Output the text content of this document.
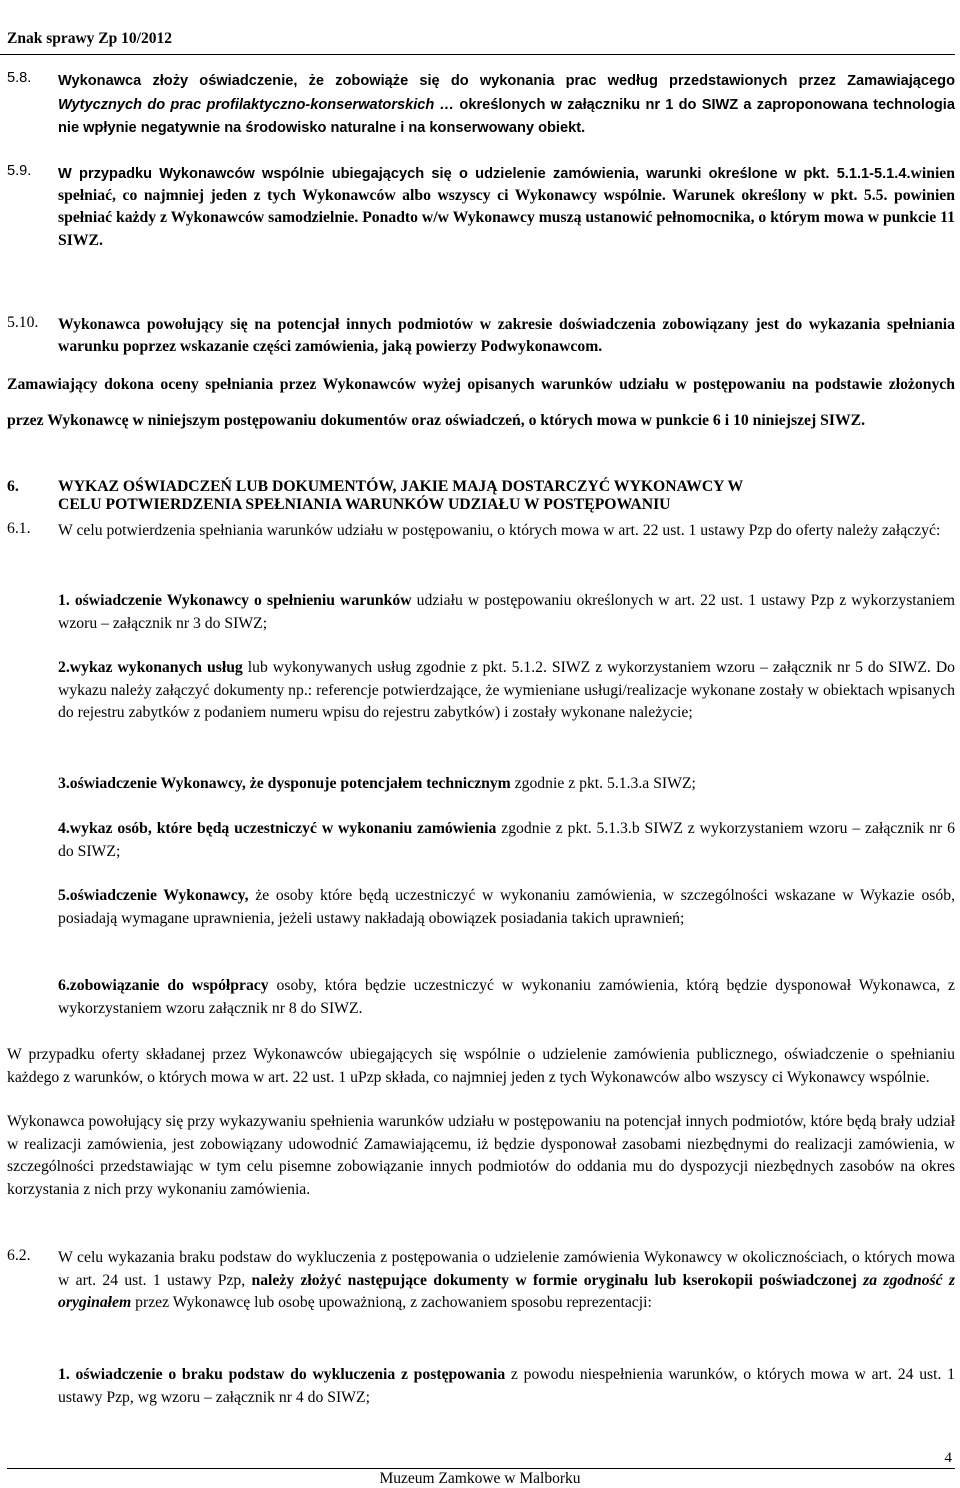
Znak sprawy Zp 10/2012
5.8. Wykonawca złoży oświadczenie, że zobowiąże się do wykonania prac według przedstawionych przez Zamawiającego Wytycznych do prac profilaktyczno-konserwatorskich … określonych w załączniku nr 1 do SIWZ a zaproponowana technologia nie wpłynie negatywnie na środowisko naturalne i na konserwowany obiekt.
5.9. W przypadku Wykonawców wspólnie ubiegających się o udzielenie zamówienia, warunki określone w pkt. 5.1.1-5.1.4.winien spełniać, co najmniej jeden z tych Wykonawców albo wszyscy ci Wykonawcy wspólnie. Warunek określony w pkt. 5.5. powinien spełniać każdy z Wykonawców samodzielnie. Ponadto w/w Wykonawcy muszą ustanowić pełnomocnika, o którym mowa w punkcie 11 SIWZ.
5.10. Wykonawca powołujący się na potencjał innych podmiotów w zakresie doświadczenia zobowiązany jest do wykazania spełniania warunku poprzez wskazanie części zamówienia, jaką powierzy Podwykonawcom.
Zamawiający dokona oceny spełniania przez Wykonawców wyżej opisanych warunków udziału w postępowaniu na podstawie złożonych przez Wykonawcę w niniejszym postępowaniu dokumentów oraz oświadczeń, o których mowa w punkcie 6 i 10 niniejszej SIWZ.
6. WYKAZ OŚWIADCZEŃ LUB DOKUMENTÓW, JAKIE MAJĄ DOSTARCZYĆ WYKONAWCY W
CELU POTWIERDZENIA SPEŁNIANIA WARUNKÓW UDZIAŁU W POSTĘPOWANIU
6.1. W celu potwierdzenia spełniania warunków udziału w postępowaniu, o których mowa w art. 22 ust. 1 ustawy Pzp do oferty należy załączyć:
1. oświadczenie Wykonawcy o spełnieniu warunków udziału w postępowaniu określonych w art. 22 ust. 1 ustawy Pzp z wykorzystaniem wzoru – załącznik nr 3 do SIWZ;
2.wykaz wykonanych usług lub wykonywanych usług zgodnie z pkt. 5.1.2. SIWZ z wykorzystaniem wzoru – załącznik nr 5 do SIWZ. Do wykazu należy załączyć dokumenty np.: referencje potwierdzające, że wymieniane usługi/realizacje wykonane zostały w obiektach wpisanych do rejestru zabytków z podaniem numeru wpisu do rejestru zabytków) i zostały wykonane należycie;
3.oświadczenie Wykonawcy, że dysponuje potencjałem technicznym zgodnie z pkt. 5.1.3.a SIWZ;
4.wykaz osób, które będą uczestniczyć w wykonaniu zamówienia zgodnie z pkt. 5.1.3.b SIWZ z wykorzystaniem wzoru – załącznik nr 6 do SIWZ;
5.oświadczenie Wykonawcy, że osoby które będą uczestniczyć w wykonaniu zamówienia, w szczególności wskazane w Wykazie osób, posiadają wymagane uprawnienia, jeżeli ustawy nakładają obowiązek posiadania takich uprawnień;
6.zobowiązanie do współpracy osoby, która będzie uczestniczyć w wykonaniu zamówienia, którą będzie dysponował Wykonawca, z wykorzystaniem wzoru załącznik nr 8 do SIWZ.
W przypadku oferty składanej przez Wykonawców ubiegających się wspólnie o udzielenie zamówienia publicznego, oświadczenie o spełnianiu każdego z warunków, o których mowa w art. 22 ust. 1 uPzp składa, co najmniej jeden z tych Wykonawców albo wszyscy ci Wykonawcy wspólnie.
Wykonawca powołujący się przy wykazywaniu spełnienia warunków udziału w postępowaniu na potencjał innych podmiotów, które będą brały udział w realizacji zamówienia, jest zobowiązany udowodnić Zamawiającemu, iż będzie dysponował zasobami niezbędnymi do realizacji zamówienia, w szczególności przedstawiając w tym celu pisemne zobowiązanie innych podmiotów do oddania mu do dyspozycji niezbędnych zasobów na okres korzystania z nich przy wykonaniu zamówienia.
6.2. W celu wykazania braku podstaw do wykluczenia z postępowania o udzielenie zamówienia Wykonawcy w okolicznościach, o których mowa w art. 24 ust. 1 ustawy Pzp, należy złożyć następujące dokumenty w formie oryginału lub kserokopii poświadczonej za zgodność z oryginałem przez Wykonawcę lub osobę upoważnioną, z zachowaniem sposobu reprezentacji:
1. oświadczenie o braku podstaw do wykluczenia z postępowania z powodu niespełnienia warunków, o których mowa w art. 24 ust. 1 ustawy Pzp, wg wzoru – załącznik nr 4 do SIWZ;
4
Muzeum Zamkowe w Malborku
